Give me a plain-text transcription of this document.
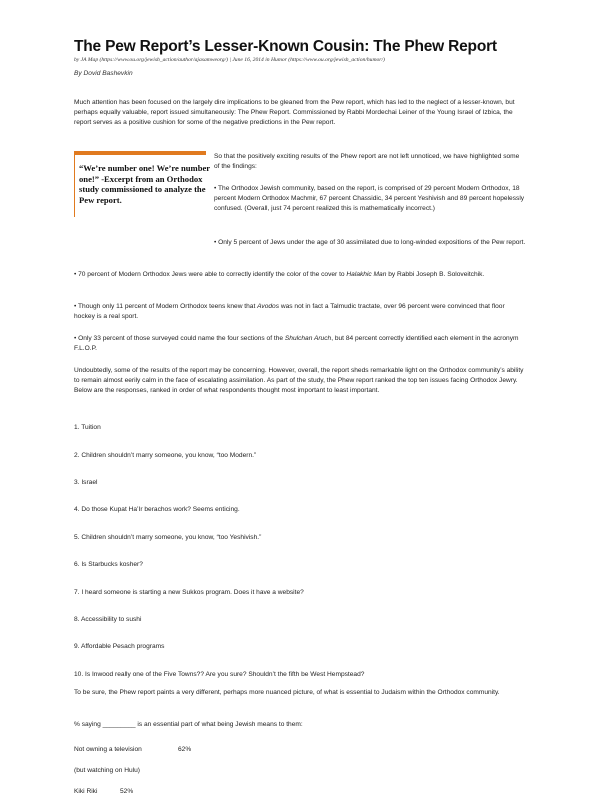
The Pew Report’s Lesser-Known Cousin: The Phew Report
by JA Map (https://www.ou.org/jewish_action/author/ajasamweorg/) | June 16, 2014 in Humor (https://www.ou.org/jewish_action/humor/)
By Dovid Bashevkin

Much attention has been focused on the largely dire implications to be gleaned from the Pew report, which has led to the neglect of a lesser-known, but perhaps equally valuable, report issued simultaneously: The Phew Report. Commissioned by Rabbi Mordechai Leiner of the Young Israel of Izbica, the report serves as a positive cushion for some of the negative predictions in the Pew report.

“We’re number one! We’re number one!” -Excerpt from an Orthodox study commissioned to analyze the Pew report.

So that the positively exciting results of the Phew report are not left unnoticed, we have highlighted some of the findings:

• The Orthodox Jewish community, based on the report, is comprised of 29 percent Modern Orthodox, 18 percent Modern Orthodox Machmir, 67 percent Chassidic, 34 percent Yeshivish and 89 percent hopelessly confused. (Overall, just 74 percent realized this is mathematically incorrect.)

• Only 5 percent of Jews under the age of 30 assimilated due to long-winded expositions of the Pew report.

• 70 percent of Modern Orthodox Jews were able to correctly identify the color of the cover to Halakhic Man by Rabbi Joseph B. Soloveitchik.

• Though only 11 percent of Modern Orthodox teens knew that Avodos was not in fact a Talmudic tractate, over 96 percent were convinced that floor hockey is a real sport.

• Only 33 percent of those surveyed could name the four sections of the Shulchan Aruch, but 84 percent correctly identified each element in the acronym F.L.O.P.

Undoubtedly, some of the results of the report may be concerning. However, overall, the report sheds remarkable light on the Orthodox community’s ability to remain almost eerily calm in the face of escalating assimilation. As part of the study, the Phew report ranked the top ten issues facing Orthodox Jewry. Below are the responses, ranked in order of what respondents thought most important to least important.

1. Tuition

2. Children shouldn’t marry someone, you know, “too Modern.”

3. Israel

4. Do those Kupat Ha’Ir berachos work? Seems enticing.

5. Children shouldn’t marry someone, you know, “too Yeshivish.”

6. Is Starbucks kosher?

7. I heard someone is starting a new Sukkos program. Does it have a website?

8. Accessibility to sushi

9. Affordable Pesach programs

10. Is Inwood really one of the Five Towns?? Are you sure? Shouldn’t the fifth be West Hempstead?

To be sure, the Phew report paints a very different, perhaps more nuanced picture, of what is essential to Judaism within the Orthodox community.

% saying _________ is an essential part of what being Jewish means to them:

Not owning a television	62%

(but watching on Hulu)

Kiki Riki	52%
